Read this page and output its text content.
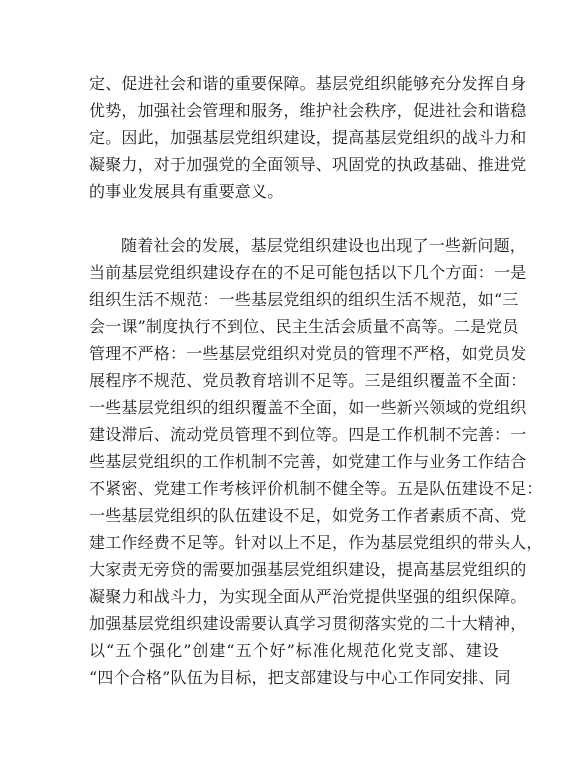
定、促进社会和谐的重要保障。基层党组织能够充分发挥自身
优势，加强社会管理和服务，维护社会秩序，促进社会和谐稳
定。因此，加强基层党组织建设，提高基层党组织的战斗力和
凝聚力，对于加强党的全面领导、巩固党的执政基础、推进党
的事业发展具有重要意义。
随着社会的发展，基层党组织建设也出现了一些新问题，
当前基层党组织建设存在的不足可能包括以下几个方面：一是
组织生活不规范：一些基层党组织的组织生活不规范，如“三
会一课”制度执行不到位、民主生活会质量不高等。二是党员
管理不严格：一些基层党组织对党员的管理不严格，如党员发
展程序不规范、党员教育培训不足等。三是组织覆盖不全面：
一些基层党组织的组织覆盖不全面，如一些新兴领域的党组织
建设滞后、流动党员管理不到位等。四是工作机制不完善：一
些基层党组织的工作机制不完善，如党建工作与业务工作结合
不紧密、党建工作考核评价机制不健全等。五是队伍建设不足：
一些基层党组织的队伍建设不足，如党务工作者素质不高、党
建工作经费不足等。针对以上不足，作为基层党组织的带头人，
大家责无旁贷的需要加强基层党组织建设，提高基层党组织的
凝聚力和战斗力，为实现全面从严治党提供坚强的组织保障。
加强基层党组织建设需要认真学习贯彻落实党的二十大精神，
以“五个强化”创建“五个好”标准化规范化党支部、建设
“四个合格”队伍为目标，把支部建设与中心工作同安排、同
